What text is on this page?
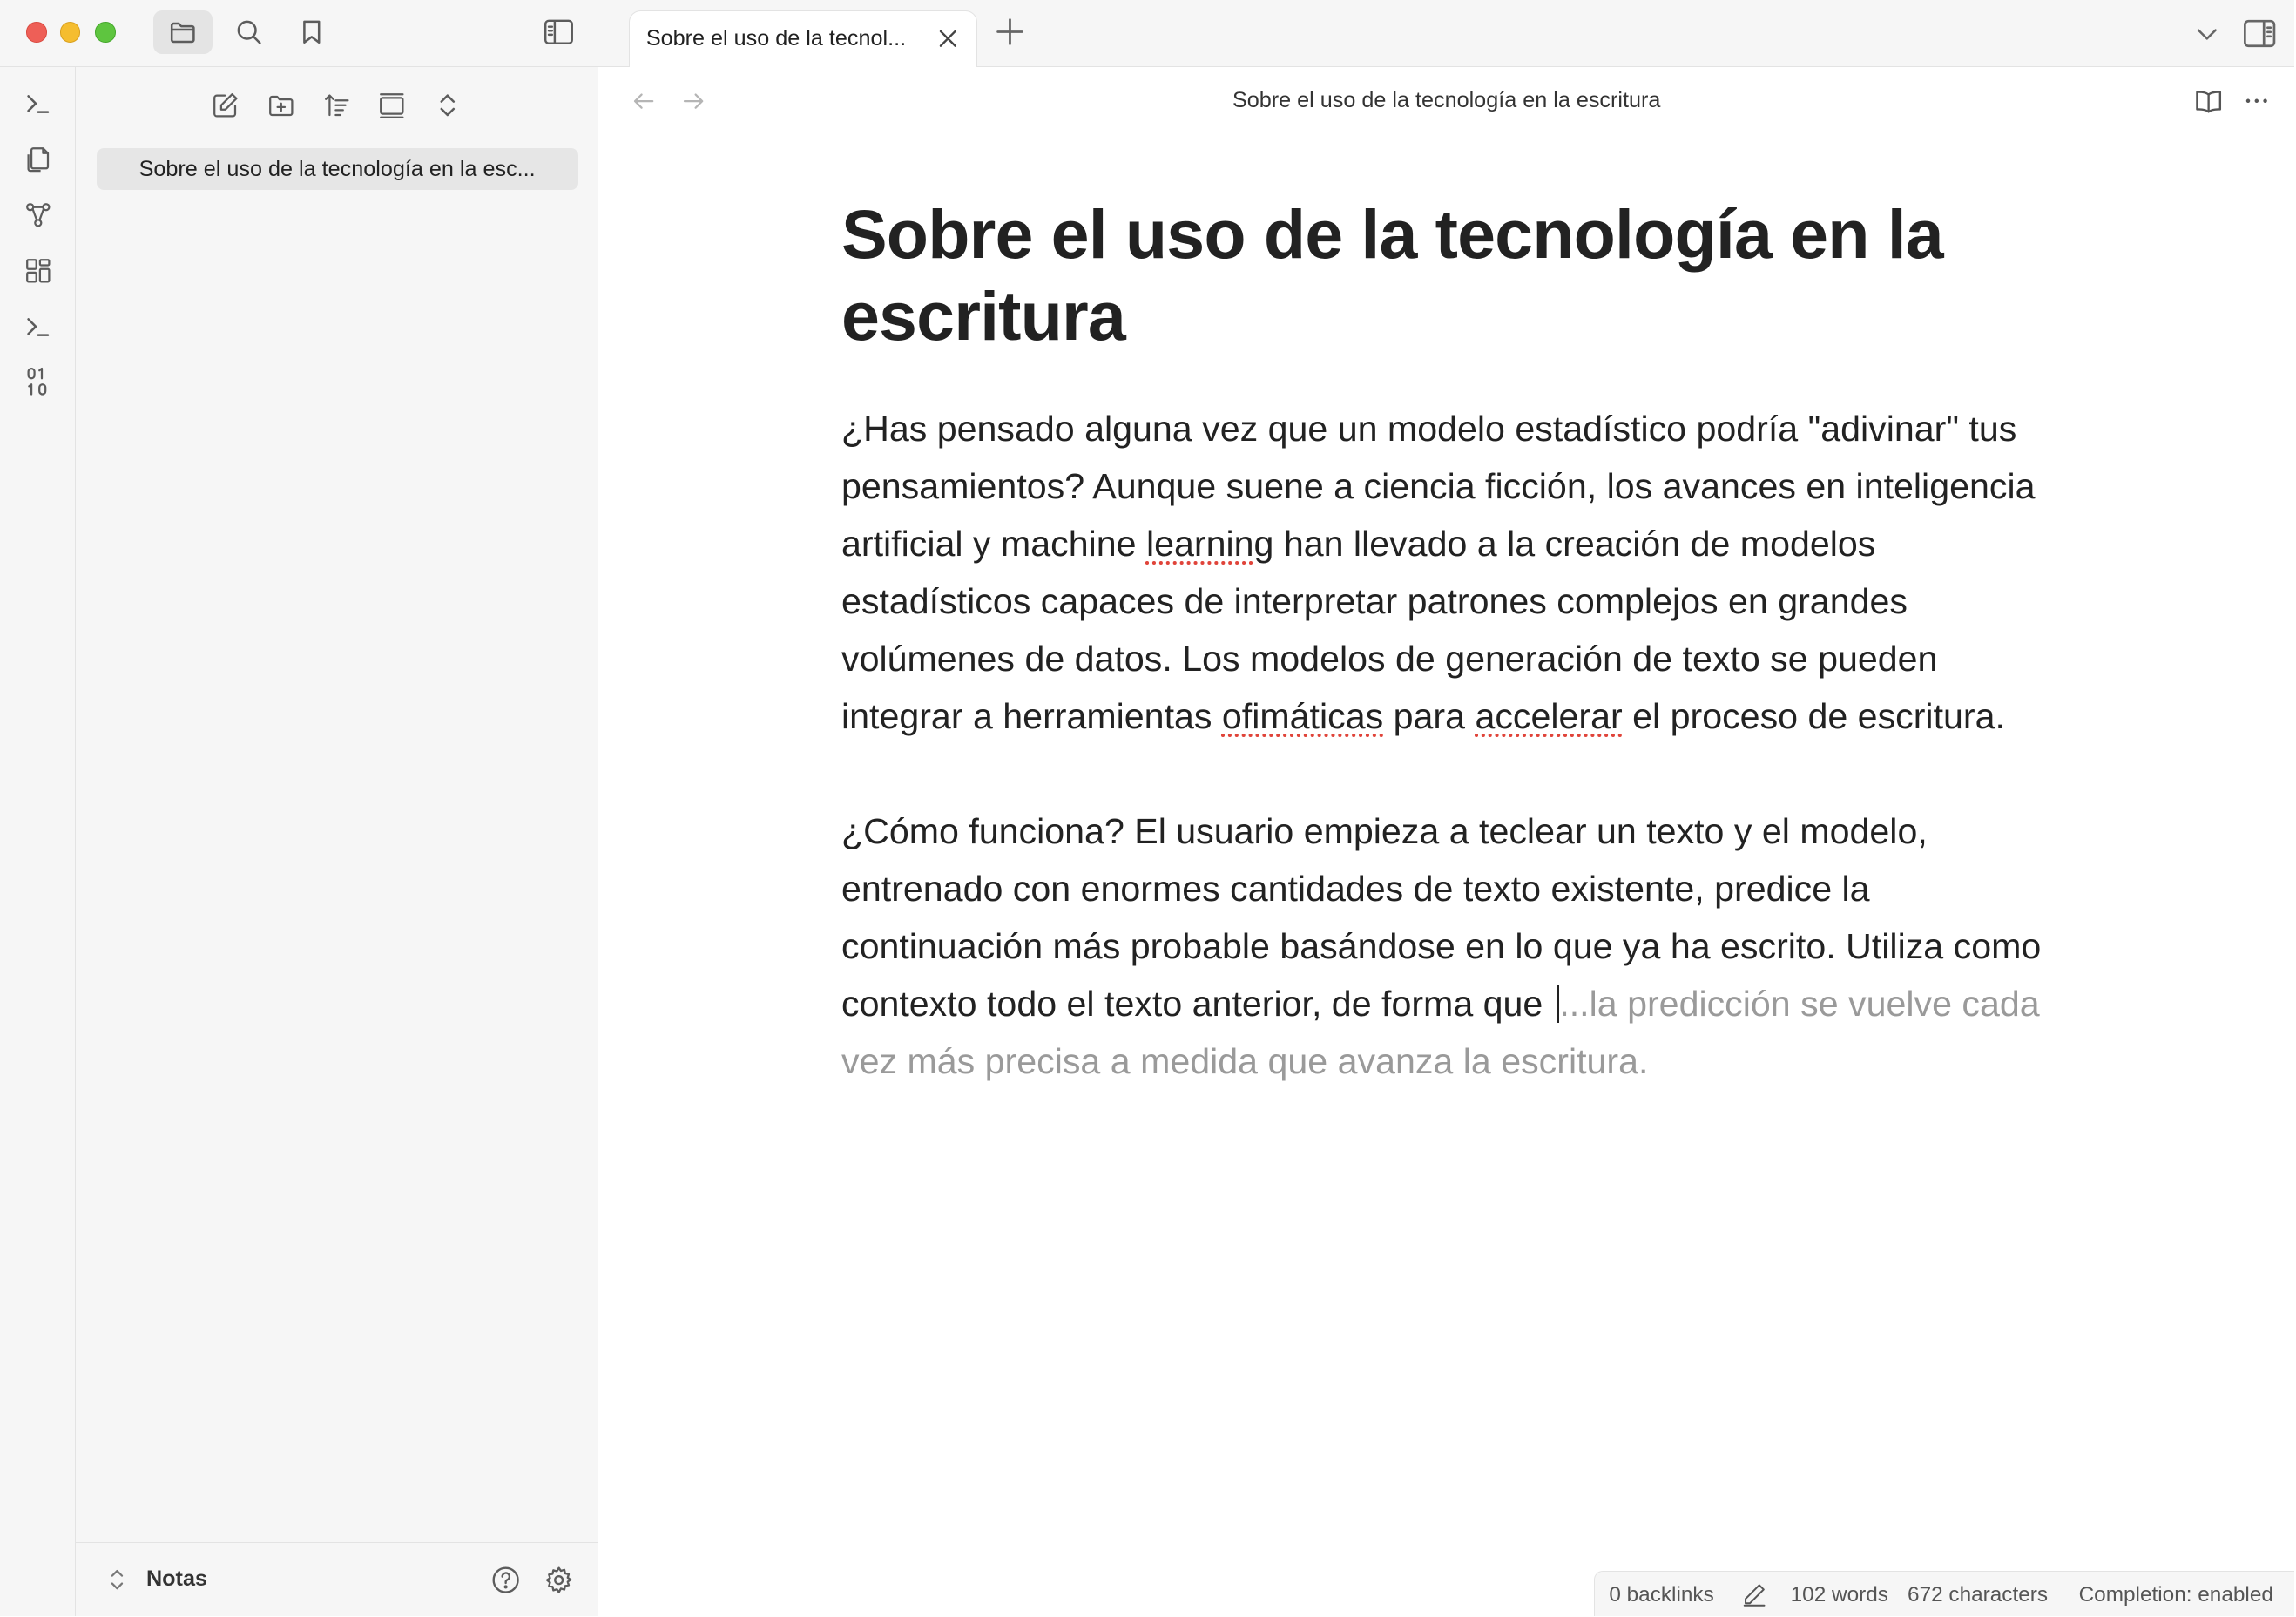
Sobre el uso de la tecnol...
Sobre el uso de la tecnología en la esc...
Notas
Sobre el uso de la tecnología en la escritura
Sobre el uso de la tecnología en la
escritura

¿Has pensado alguna vez que un modelo estadístico podría "adivinar" tus pensamientos? Aunque suene a ciencia ficción, los avances en inteligencia artificial y machine learning han llevado a la creación de modelos estadísticos capaces de interpretar patrones complejos en grandes volúmenes de datos. Los modelos de generación de texto se pueden integrar a herramientas ofimáticas para accelerar el proceso de escritura.

¿Cómo funciona? El usuario empieza a teclear un texto y el modelo, entrenado con enormes cantidades de texto existente, predice la continuación más probable basándose en lo que ya ha escrito. Utiliza como contexto todo el texto anterior, de forma que ...la predicción se vuelve cada vez más precisa a medida que avanza la escritura.

0 backlinks	102 words 672 characters Completion: enabled
